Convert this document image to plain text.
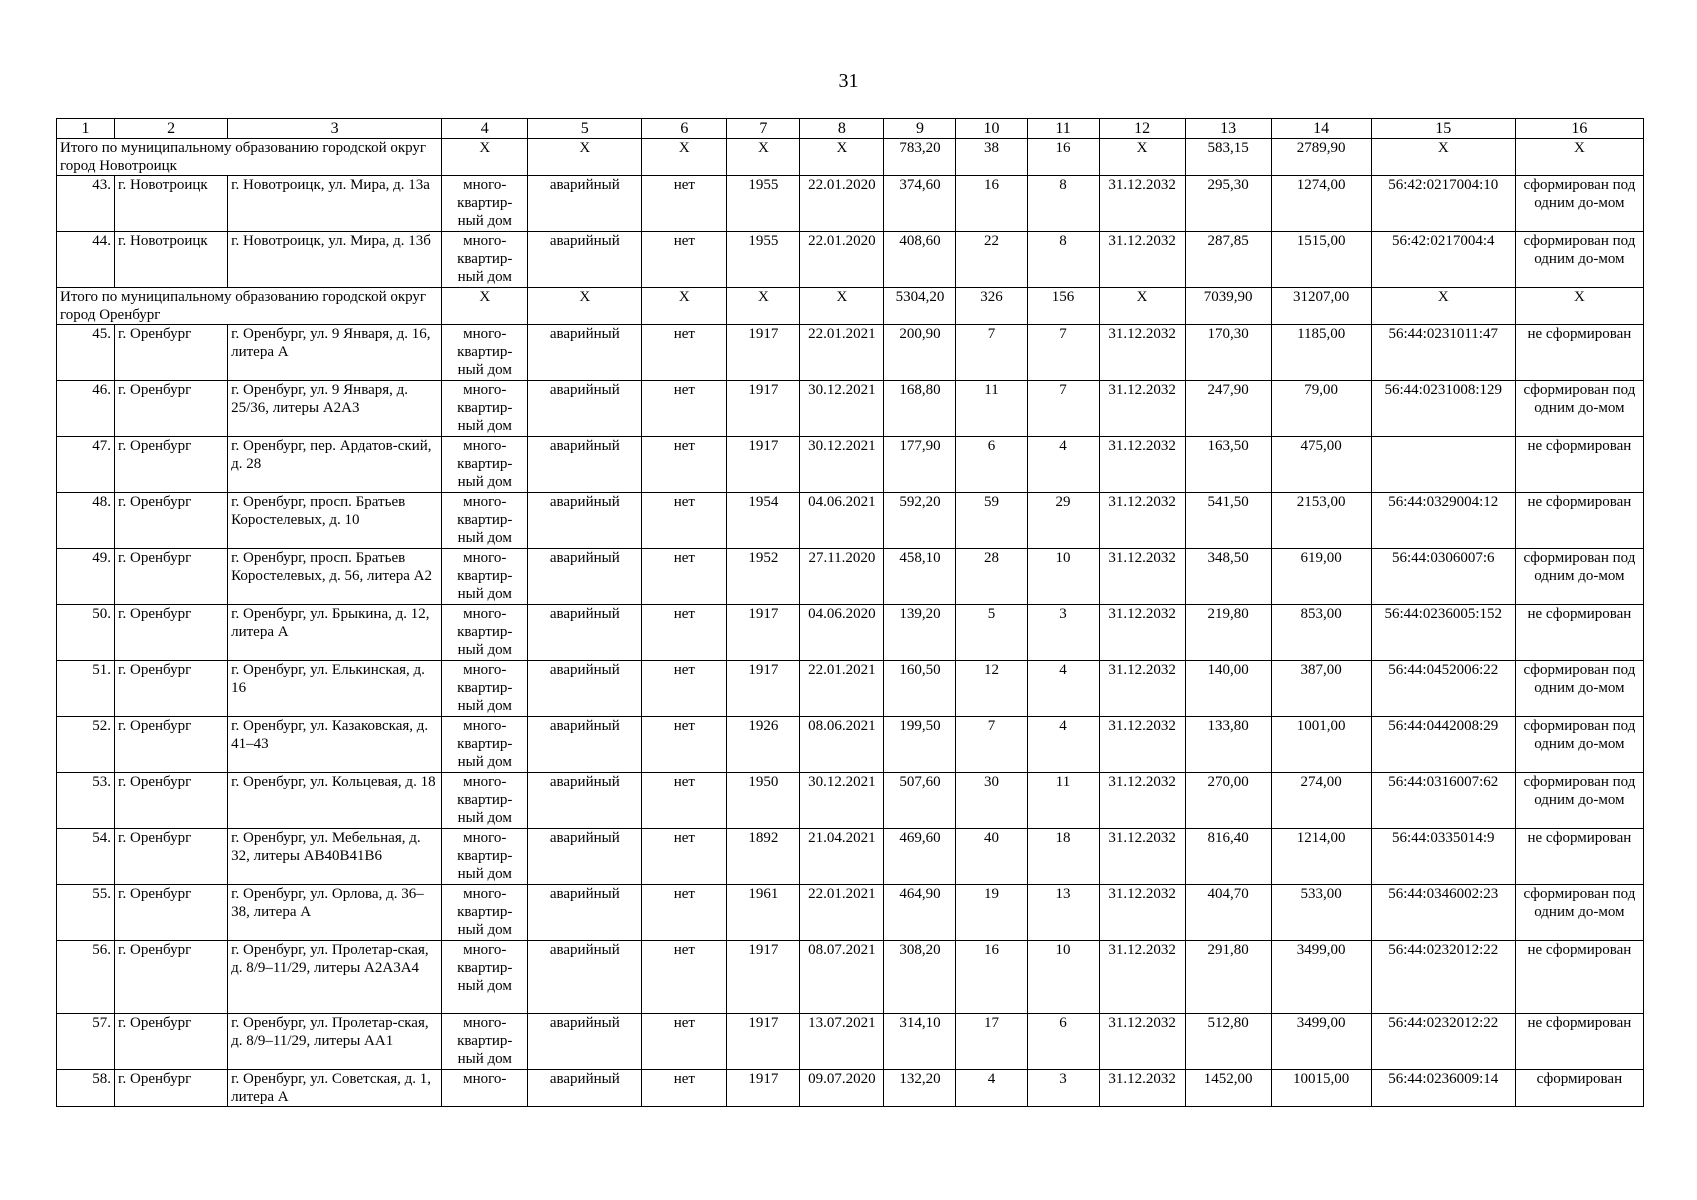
31
1	2	3	4	5	6	7	8	9	10	11	12	13	14	15	16
Итого по муниципальному образованию городской округ город Новотроицк			X	X	X	X	X	783,20	38	16	X	583,15	2789,90	X	X
43.	г. Новотроицк	г. Новотроицк, ул. Мира, д. 13а	много-квартир-ный дом	аварийный	нет	1955	22.01.2020	374,60	16	8	31.12.2032	295,30	1274,00	56:42:0217004:10	сформирован под одним до-мом
44.	г. Новотроицк	г. Новотроицк, ул. Мира, д. 13б	много-квартир-ный дом	аварийный	нет	1955	22.01.2020	408,60	22	8	31.12.2032	287,85	1515,00	56:42:0217004:4	сформирован под одним до-мом
Итого по муниципальному образованию городской округ город Оренбург			X	X	X	X	X	5304,20	326	156	X	7039,90	31207,00	X	X
45.	г. Оренбург	г. Оренбург, ул. 9 Января, д. 16, литера А	много-квартир-ный дом	аварийный	нет	1917	22.01.2021	200,90	7	7	31.12.2032	170,30	1185,00	56:44:0231011:47	не сформирован
46.	г. Оренбург	г. Оренбург, ул. 9 Января, д. 25/36, литеры А2А3	много-квартир-ный дом	аварийный	нет	1917	30.12.2021	168,80	11	7	31.12.2032	247,90	79,00	56:44:0231008:129	сформирован под одним до-мом
47.	г. Оренбург	г. Оренбург, пер. Ардатов-ский, д. 28	много-квартир-ный дом	аварийный	нет	1917	30.12.2021	177,90	6	4	31.12.2032	163,50	475,00		не сформирован
48.	г. Оренбург	г. Оренбург, просп. Братьев Коростелевых, д. 10	много-квартир-ный дом	аварийный	нет	1954	04.06.2021	592,20	59	29	31.12.2032	541,50	2153,00	56:44:0329004:12	не сформирован
49.	г. Оренбург	г. Оренбург, просп. Братьев Коростелевых, д. 56, литера А2	много-квартир-ный дом	аварийный	нет	1952	27.11.2020	458,10	28	10	31.12.2032	348,50	619,00	56:44:0306007:6	сформирован под одним до-мом
50.	г. Оренбург	г. Оренбург, ул. Брыкина, д. 12, литера А	много-квартир-ный дом	аварийный	нет	1917	04.06.2020	139,20	5	3	31.12.2032	219,80	853,00	56:44:0236005:152	не сформирован
51.	г. Оренбург	г. Оренбург, ул. Елькинская, д. 16	много-квартир-ный дом	аварийный	нет	1917	22.01.2021	160,50	12	4	31.12.2032	140,00	387,00	56:44:0452006:22	сформирован под одним до-мом
52.	г. Оренбург	г. Оренбург, ул. Казаковская, д. 41–43	много-квартир-ный дом	аварийный	нет	1926	08.06.2021	199,50	7	4	31.12.2032	133,80	1001,00	56:44:0442008:29	сформирован под одним до-мом
53.	г. Оренбург	г. Оренбург, ул. Кольцевая, д. 18	много-квартир-ный дом	аварийный	нет	1950	30.12.2021	507,60	30	11	31.12.2032	270,00	274,00	56:44:0316007:62	сформирован под одним до-мом
54.	г. Оренбург	г. Оренбург, ул. Мебельная, д. 32, литеры АВ40В41В6	много-квартир-ный дом	аварийный	нет	1892	21.04.2021	469,60	40	18	31.12.2032	816,40	1214,00	56:44:0335014:9	не сформирован
55.	г. Оренбург	г. Оренбург, ул. Орлова, д. 36–38, литера А	много-квартир-ный дом	аварийный	нет	1961	22.01.2021	464,90	19	13	31.12.2032	404,70	533,00	56:44:0346002:23	сформирован под одним до-мом
56.	г. Оренбург	г. Оренбург, ул. Пролетар-ская, д. 8/9–11/29, литеры А2А3А4	много-квартир-ный дом	аварийный	нет	1917	08.07.2021	308,20	16	10	31.12.2032	291,80	3499,00	56:44:0232012:22	не сформирован
57.	г. Оренбург	г. Оренбург, ул. Пролетар-ская, д. 8/9–11/29, литеры АА1	много-квартир-ный дом	аварийный	нет	1917	13.07.2021	314,10	17	6	31.12.2032	512,80	3499,00	56:44:0232012:22	не сформирован
58.	г. Оренбург	г. Оренбург, ул. Советская, д. 1, литера А	много-	аварийный	нет	1917	09.07.2020	132,20	4	3	31.12.2032	1452,00	10015,00	56:44:0236009:14	сформирован
